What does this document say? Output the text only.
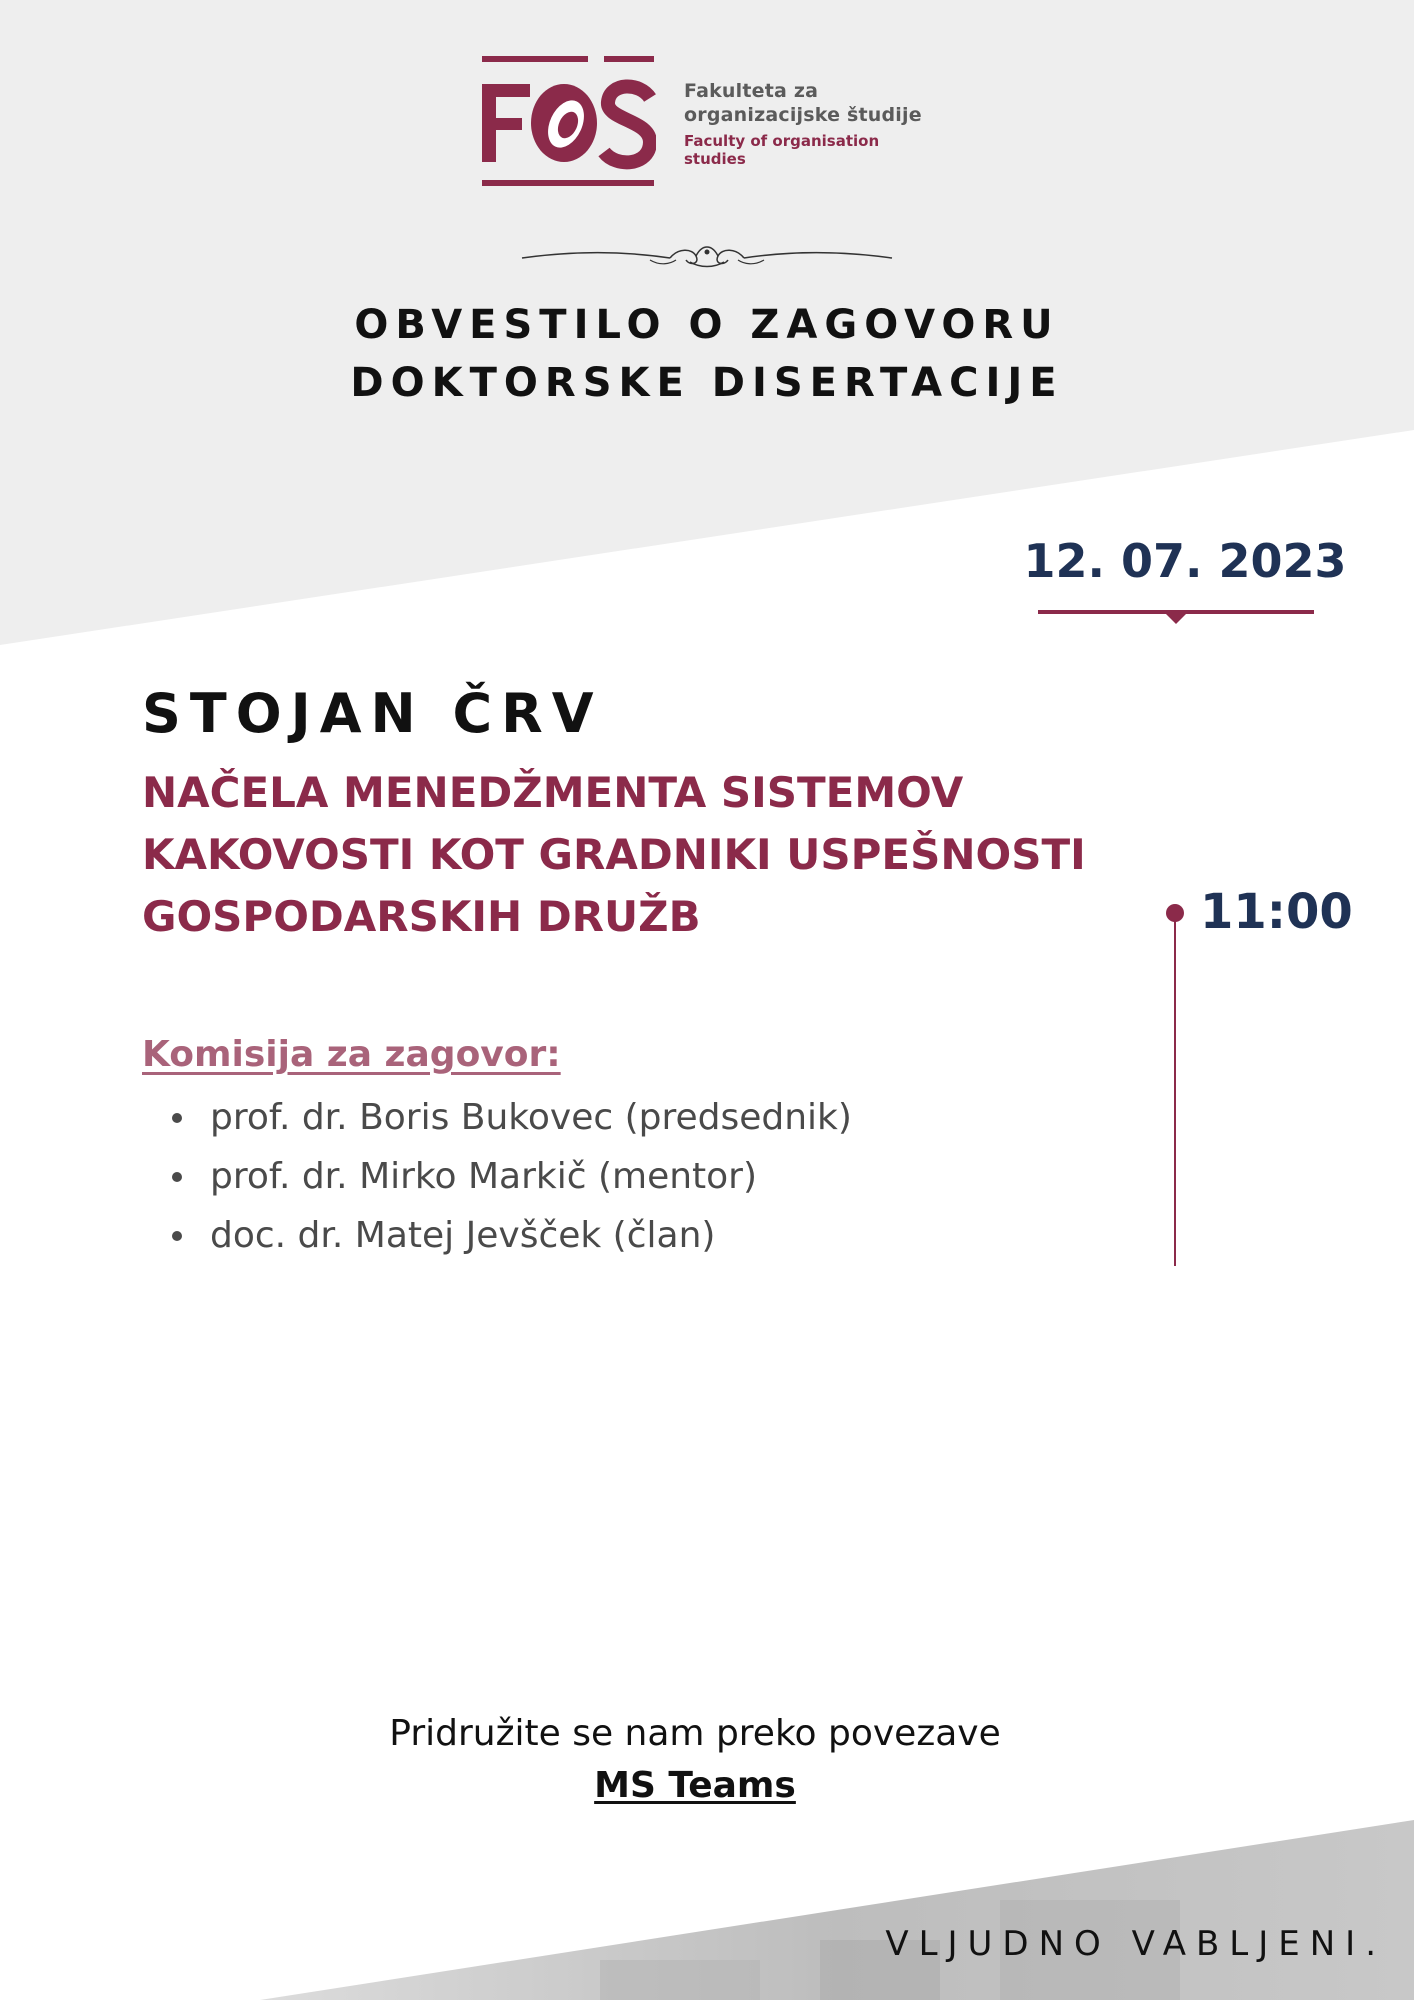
Fakulteta za
organizacijske študije
Faculty of organisation studies
OBVESTILO O ZAGOVORU
DOKTORSKE DISERTACIJE
12. 07. 2023
STOJAN ČRV
NAČELA MENEDŽMENTA SISTEMOV
KAKOVOSTI KOT GRADNIKI USPEŠNOSTI
GOSPODARSKIH DRUŽB	11:00
Komisija za zagovor:
prof. dr. Boris Bukovec (predsednik)
prof. dr. Mirko Markič (mentor)
doc. dr. Matej Jevšček (član)
Pridružite se nam preko povezave
MS Teams
VLJUDNO VABLJENI.
